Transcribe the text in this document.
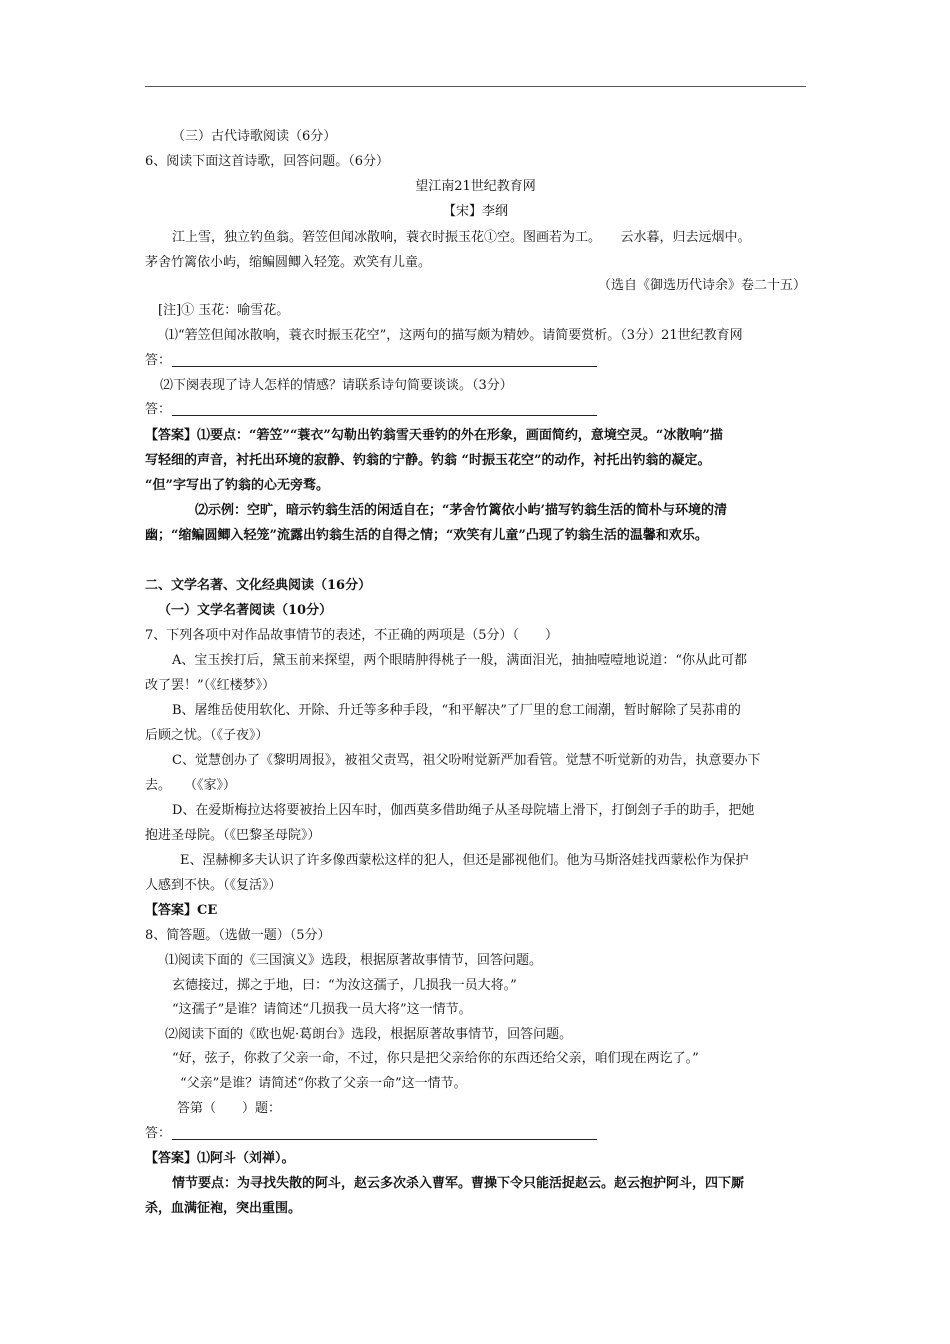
（三）古代诗歌阅读（6分）
6、阅读下面这首诗歌，回答问题。（6分）
望江南21世纪教育网
【宋】李纲
江上雪，独立钓鱼翁。箬笠但闻冰散响，蓑衣时振玉花①空。图画若为工。　　云水暮，归去远烟中。
茅舍竹篱依小屿，缩鳊圆鲫入轻笼。欢笑有儿童。
（选自《御选历代诗余》卷二十五）
[注]① 玉花：喻雪花。
⑴“箬笠但闻冰散响，蓑衣时振玉花空”，这两句的描写颇为精妙。请简要赏析。（3分）21世纪教育网
答：
⑵下阕表现了诗人怎样的情感？请联系诗句简要谈谈。（3分）
答：
【答案】⑴要点：“箬笠”“蓑衣”勾勒出钓翁雪天垂钓的外在形象，画面简约，意境空灵。“冰散响”描
写轻细的声音，衬托出环境的寂静、钓翁的宁静。钓翁 “时振玉花空”的动作，衬托出钓翁的凝定。
“但”字写出了钓翁的心无旁骛。
⑵示例：空旷，暗示钓翁生活的闲适自在；“茅舍竹篱依小屿’描写钓翁生活的简朴与环境的清
幽；“缩鳊圆鲫入轻笼”流露出钓翁生活的自得之情；“欢笑有儿童”凸现了钓翁生活的温馨和欢乐。
二、文学名著、文化经典阅读（16分）
（一）文学名著阅读（10分）
7、下列各项中对作品故事情节的表述，不正确的两项是（5分）（　　）
A、宝玉挨打后，黛玉前来探望，两个眼睛肿得桃子一般，满面泪光，抽抽噎噎地说道：“你从此可都
改了罢！”（《红楼梦》）
B、屠维岳使用软化、开除、升迁等多种手段，“和平解决”了厂里的怠工闹潮，暂时解除了吴荪甫的
后顾之忧。（《子夜》）
C、觉慧创办了《黎明周报》，被祖父责骂，祖父吩咐觉新严加看管。觉慧不听觉新的劝告，执意要办下
去。　　（《家》）
D、在爱斯梅拉达将要被抬上囚车时，伽西莫多借助绳子从圣母院墙上滑下，打倒刽子手的助手，把她
抱进圣母院。（《巴黎圣母院》）
E、涅赫柳多夫认识了许多像西蒙松这样的犯人，但还是鄙视他们。他为马斯洛娃找西蒙松作为保护
人感到不快。（《复活》）
【答案】CE
8、简答题。（选做一题）（5分）
⑴阅读下面的《三国演义》选段，根据原著故事情节，回答问题。
玄德接过，掷之于地，曰：“为汝这孺子，几损我一员大将。”
“这孺子”是谁？请简述“几损我一员大将”这一情节。
⑵阅读下面的《欧也妮·葛朗台》选段，根据原著故事情节，回答问题。
“好，弦子，你救了父亲一命，不过，你只是把父亲给你的东西还给父亲，咱们现在两讫了。”
“父亲”是谁？请简述“你救了父亲一命”这一情节。
答第（　　）题：
答：
【答案】⑴阿斗（刘禅）。
情节要点：为寻找失散的阿斗，赵云多次杀入曹军。曹操下令只能活捉赵云。赵云抱护阿斗，四下厮
杀，血满征袍，突出重围。
